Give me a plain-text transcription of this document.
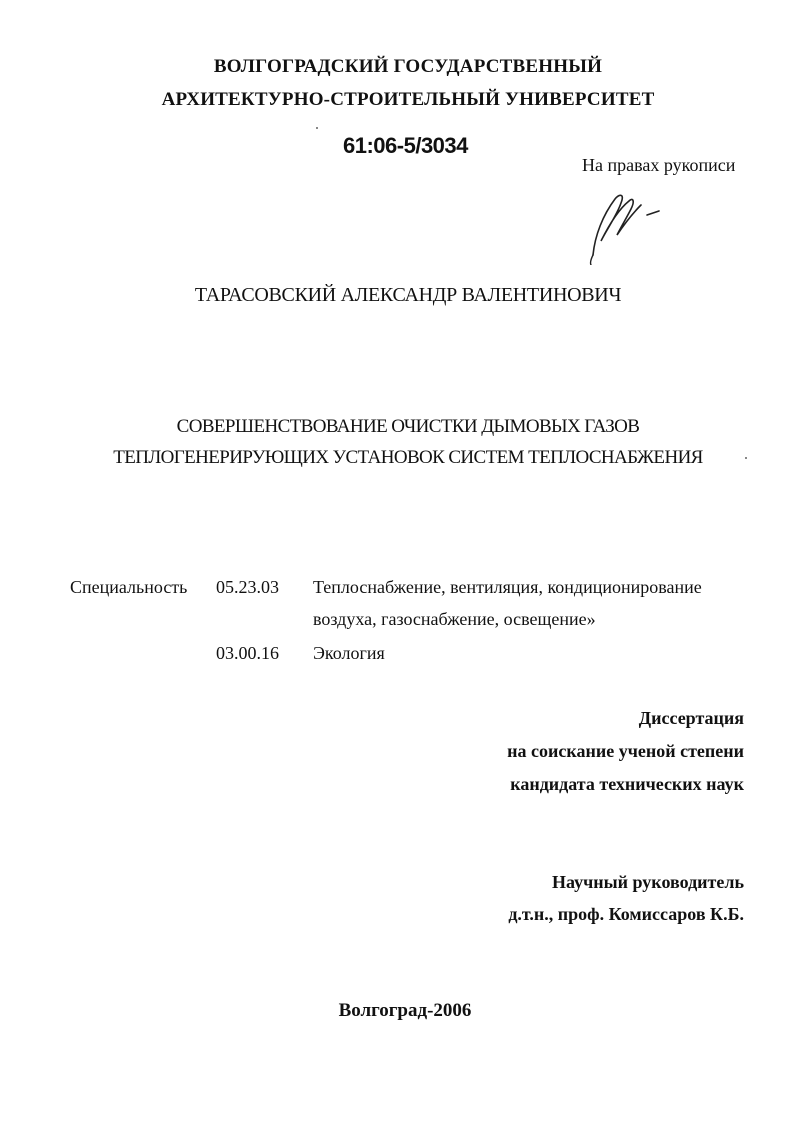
ВОЛГОГРАДСКИЙ ГОСУДАРСТВЕННЫЙ
АРХИТЕКТУРНО-СТРОИТЕЛЬНЫЙ УНИВЕРСИТЕТ
61:06-5/3034
На правах рукописи
ТАРАСОВСКИЙ АЛЕКСАНДР ВАЛЕНТИНОВИЧ
СОВЕРШЕНСТВОВАНИЕ ОЧИСТКИ ДЫМОВЫХ ГАЗОВ
ТЕПЛОГЕНЕРИРУЮЩИХ УСТАНОВОК СИСТЕМ ТЕПЛОСНАБЖЕНИЯ
Специальность 05.23.03 Теплоснабжение, вентиляция, кондиционирование
воздуха, газоснабжение, освещение»
03.00.16 Экология
Диссертация
на соискание ученой степени
кандидата технических наук
Научный руководитель
д.т.н., проф. Комиссаров К.Б.
Волгоград-2006
